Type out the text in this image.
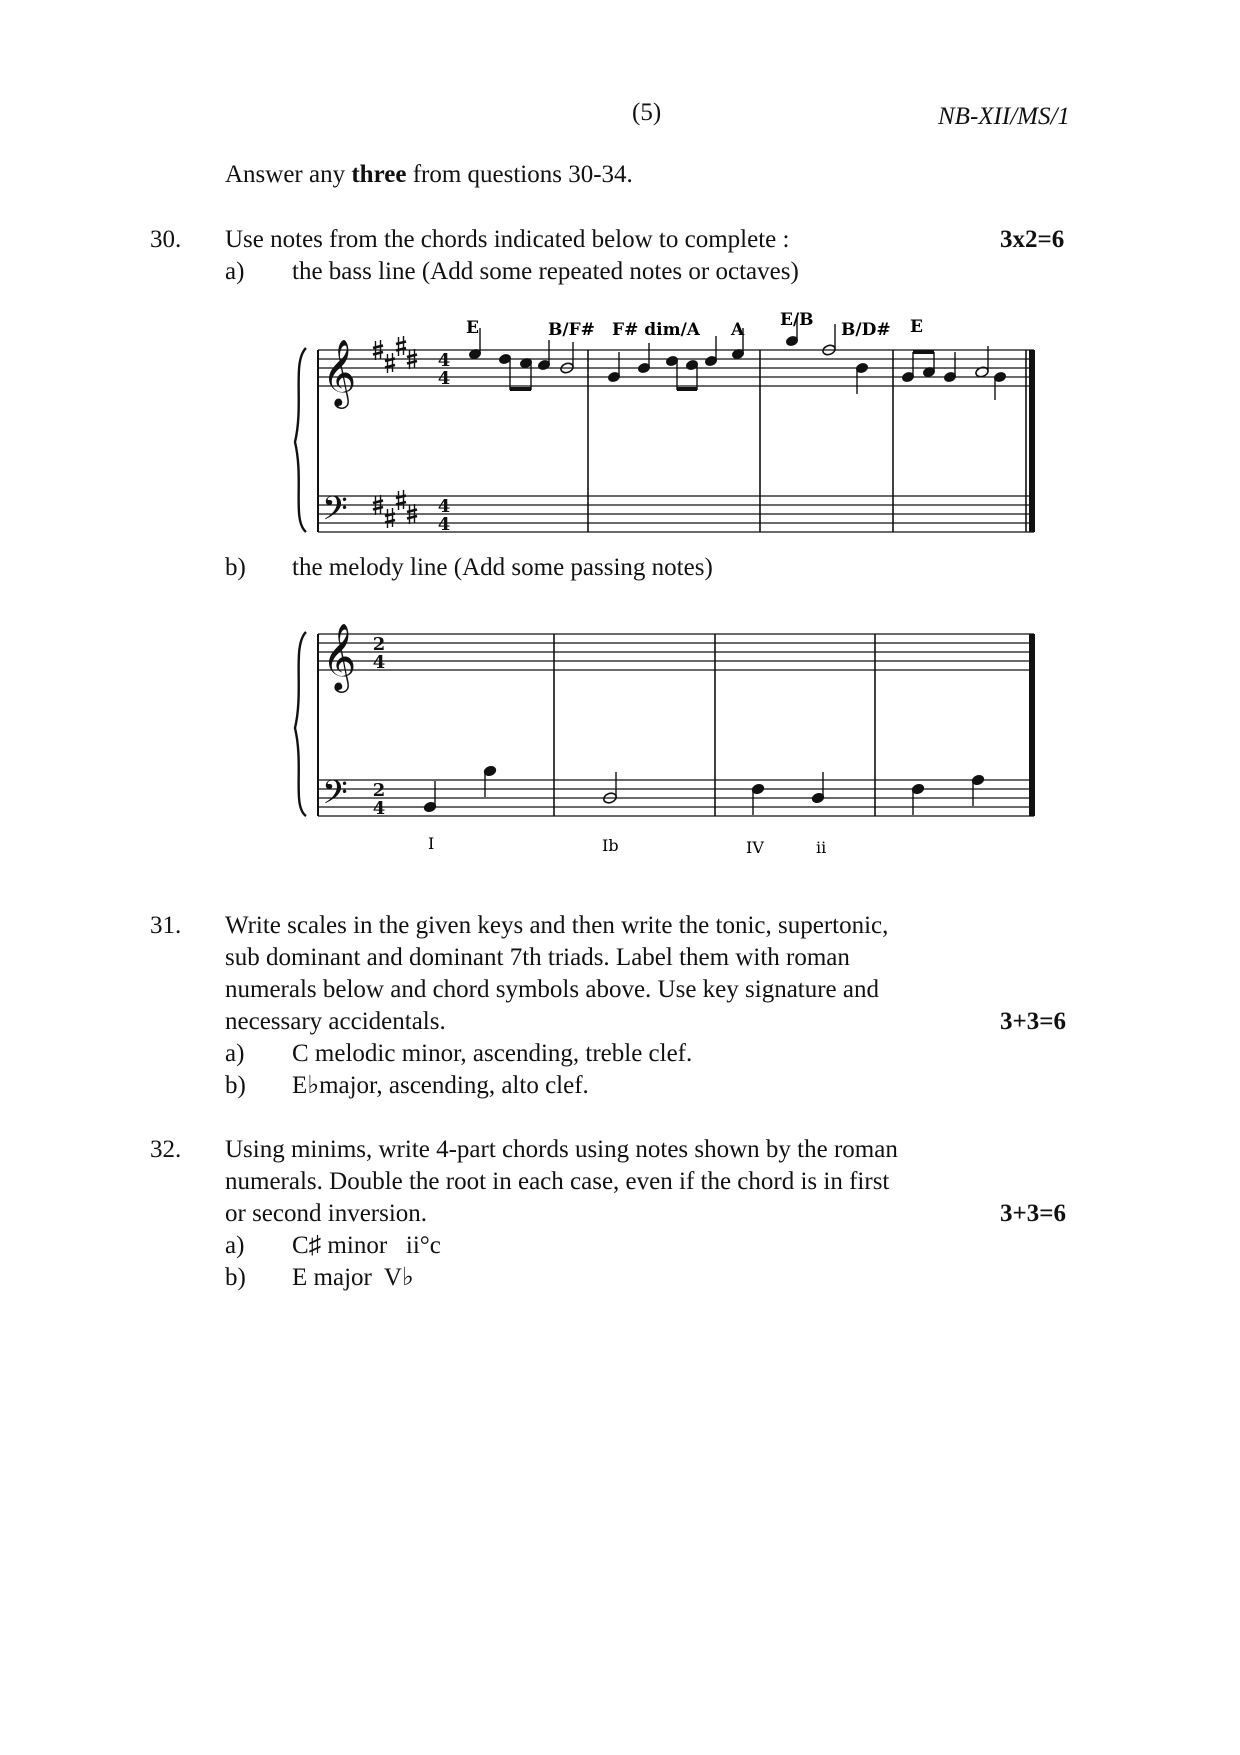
(5)	NB-XII/MS/1
Answer any three from questions 30-34.
30. Use notes from the chords indicated below to complete :	3x2=6
a) the bass line (Add some repeated notes or octaves)
b) the melody line (Add some passing notes)
𝄞
𝄢
4
4
4
4
E	B/F# F# dim/A A E/B B/D# E
𝄞
𝄢
2
4
2
4
I	Ib	IV	ii
31. Write scales in the given keys and then write the tonic, supertonic,
sub dominant and dominant 7th triads. Label them with roman
numerals below and chord symbols above. Use key signature and
necessary accidentals.	3+3=6
a) C melodic minor, ascending, treble clef.
b) E♭major, ascending, alto clef.
32. Using minims, write 4-part chords using notes shown by the roman
numerals. Double the root in each case, even if the chord is in first
or second inversion.	3+3=6
a) C♯ minor   ii°c
b) E major  V♭
